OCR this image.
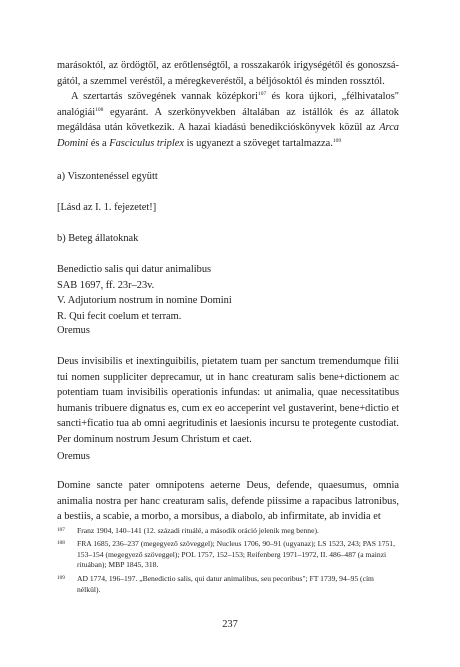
marásoktól, az ördögtől, az erőtlenségtől, a rosszakarók irigységétől és gonoszsá-

gától, a szemmel veréstől, a méregkeveréstől, a béljósoktól és minden rossztól.

A szertartás szövegének vannak középkori$^{107}$ és kora újkori, „félhivatalos" analógiái$^{108}$ egyaránt. A szerkönyvekben általában az istállók és az állatok megáldása után következik. A hazai kiadású benedikcióskönyvek közül az Arca Domini és a Fasciculus triplex is ugyanezt a szöveget tartalmazza.$^{109}$

a) Viszontenéssel együtt

[Lásd az I. 1. fejezetet!]

b) Beteg állatoknak

Benedictio salis qui datur animalibus

SAB 1697, ff. 23r–23v.

V. Adjutorium nostrum in nomine Domini

R. Qui fecit coelum et terram.

Oremus

Deus invisibilis et inextinguibilis, pietatem tuam per sanctum tremendumque filii tui nomen suppliciter deprecamur, ut in hanc creaturam salis bene+dictionem ac potentiam tuam invisibilis operationis infundas: ut animalia, quae necessitatibus humanis tribuere dignatus es, cum ex eo acceperint vel gustaverint, bene+dictio et sancti+ficatio tua ab omni aegritudinis et laesionis incursu te protegente custodiat. Per dominum nostrum Jesum Christum et caet.

Oremus

Domine sancte pater omnipotens aeterne Deus, defende, quaesumus, omnia animalia nostra per hanc creaturam salis, defende piissime a rapacibus latronibus, a bestiis, a scabie, a morbo, a morsibus, a diabolo, ab infirmitate, ab invidia et

107	Franz 1904, 140–141 (12. századi rituálé, a második oráció jelenik meg benne).
108	FRA 1685, 236–237 (megegyező szöveggel); Nucleus 1706, 90–91 (ugyanaz); LS 1523, 243; PAS 1751, 153–154 (megegyező szöveggel); POL 1757, 152–153; Reifenberg 1971–1972, II. 486–487 (a mainzi rituában); MBP 1845, 318.
109	AD 1774, 196–197. „Benedictio salis, qui datur animalibus, seu pecoribus"; FT 1739, 94–95 (cím nélkül).
237
